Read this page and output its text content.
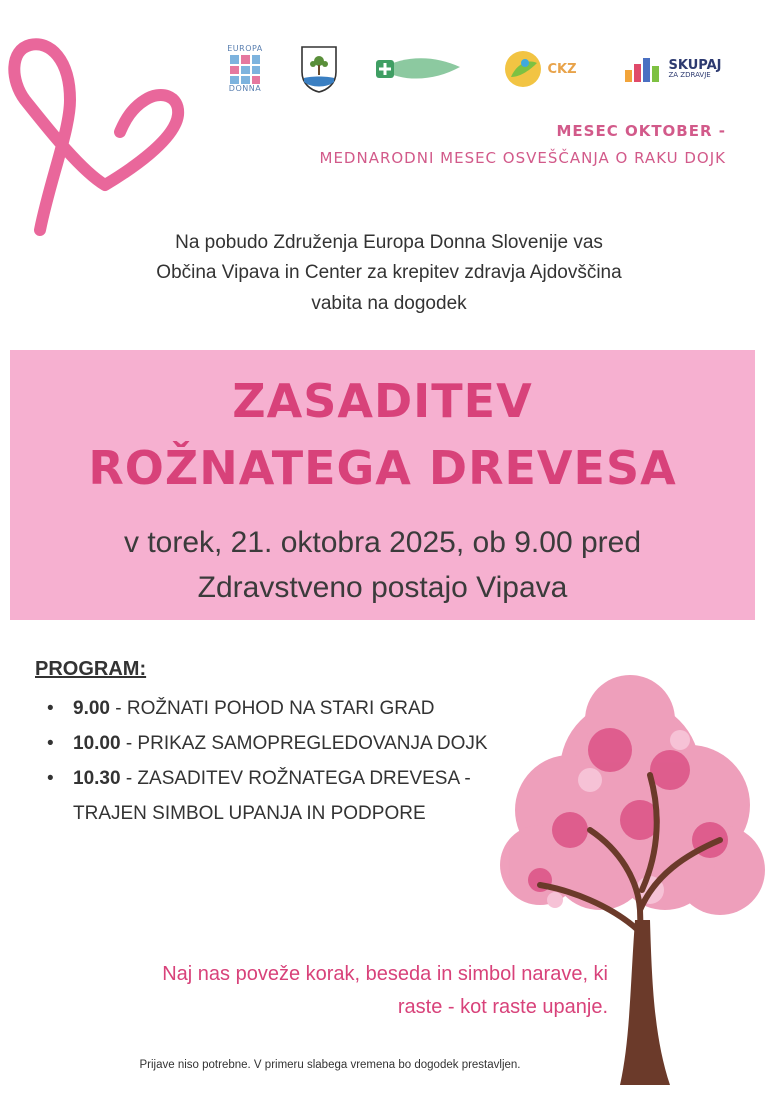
EUROPA
DONNA
CKZ	SKUPAJ
ZA ZDRAVJE
MESEC OKTOBER -
MEDNARODNI MESEC OSVEŠČANJA O RAKU DOJK
Na pobudo Združenja Europa Donna Slovenije vas
Občina Vipava in Center za krepitev zdravja Ajdovščina
vabita na dogodek
ZASADITEV
ROŽNATEGA DREVESA
v torek, 21. oktobra 2025, ob 9.00 pred
Zdravstveno postajo Vipava
PROGRAM:
• 9.00 - ROŽNATI POHOD NA STARI GRAD
• 10.00 - PRIKAZ SAMOPREGLEDOVANJA DOJK
• 10.30 - ZASADITEV ROŽNATEGA DREVESA - TRAJEN SIMBOL UPANJA IN PODPORE
Naj nas poveže korak, beseda in simbol narave, ki
raste - kot raste upanje.
Prijave niso potrebne. V primeru slabega vremena bo dogodek prestavljen.
